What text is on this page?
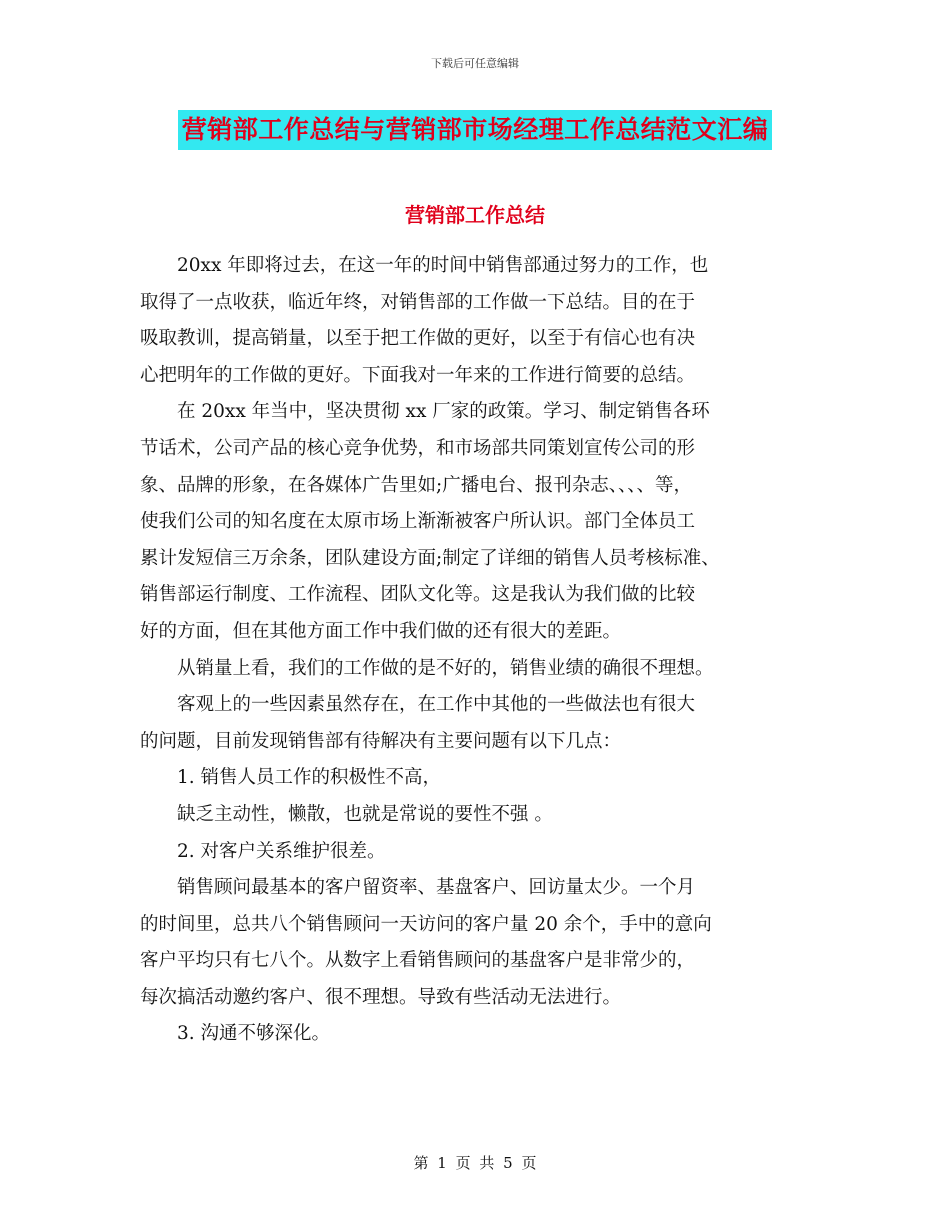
下载后可任意编辑
营销部工作总结与营销部市场经理工作总结范文汇编
营销部工作总结

20xx 年即将过去，在这一年的时间中销售部通过努力的工作，也

取得了一点收获，临近年终，对销售部的工作做一下总结。目的在于

吸取教训，提高销量，以至于把工作做的更好，以至于有信心也有决

心把明年的工作做的更好。下面我对一年来的工作进行简要的总结。

在 20xx 年当中，坚决贯彻 xx 厂家的政策。学习、制定销售各环

节话术，公司产品的核心竞争优势，和市场部共同策划宣传公司的形

象、品牌的形象，在各媒体广告里如;广播电台、报刊杂志、、、、等，

使我们公司的知名度在太原市场上渐渐被客户所认识。部门全体员工

累计发短信三万余条，团队建设方面;制定了详细的销售人员考核标准、

销售部运行制度、工作流程、团队文化等。这是我认为我们做的比较

好的方面，但在其他方面工作中我们做的还有很大的差距。

从销量上看，我们的工作做的是不好的，销售业绩的确很不理想。

客观上的一些因素虽然存在，在工作中其他的一些做法也有很大

的问题，目前发现销售部有待解决有主要问题有以下几点：

1. 销售人员工作的积极性不高，

缺乏主动性，懒散，也就是常说的要性不强 。

2. 对客户关系维护很差。

销售顾问最基本的客户留资率、基盘客户、回访量太少。一个月

的时间里，总共八个销售顾问一天访问的客户量 20 余个，手中的意向

客户平均只有七八个。从数字上看销售顾问的基盘客户是非常少的，

每次搞活动邀约客户、很不理想。导致有些活动无法进行。

3. 沟通不够深化。

第 1 页 共 5 页
